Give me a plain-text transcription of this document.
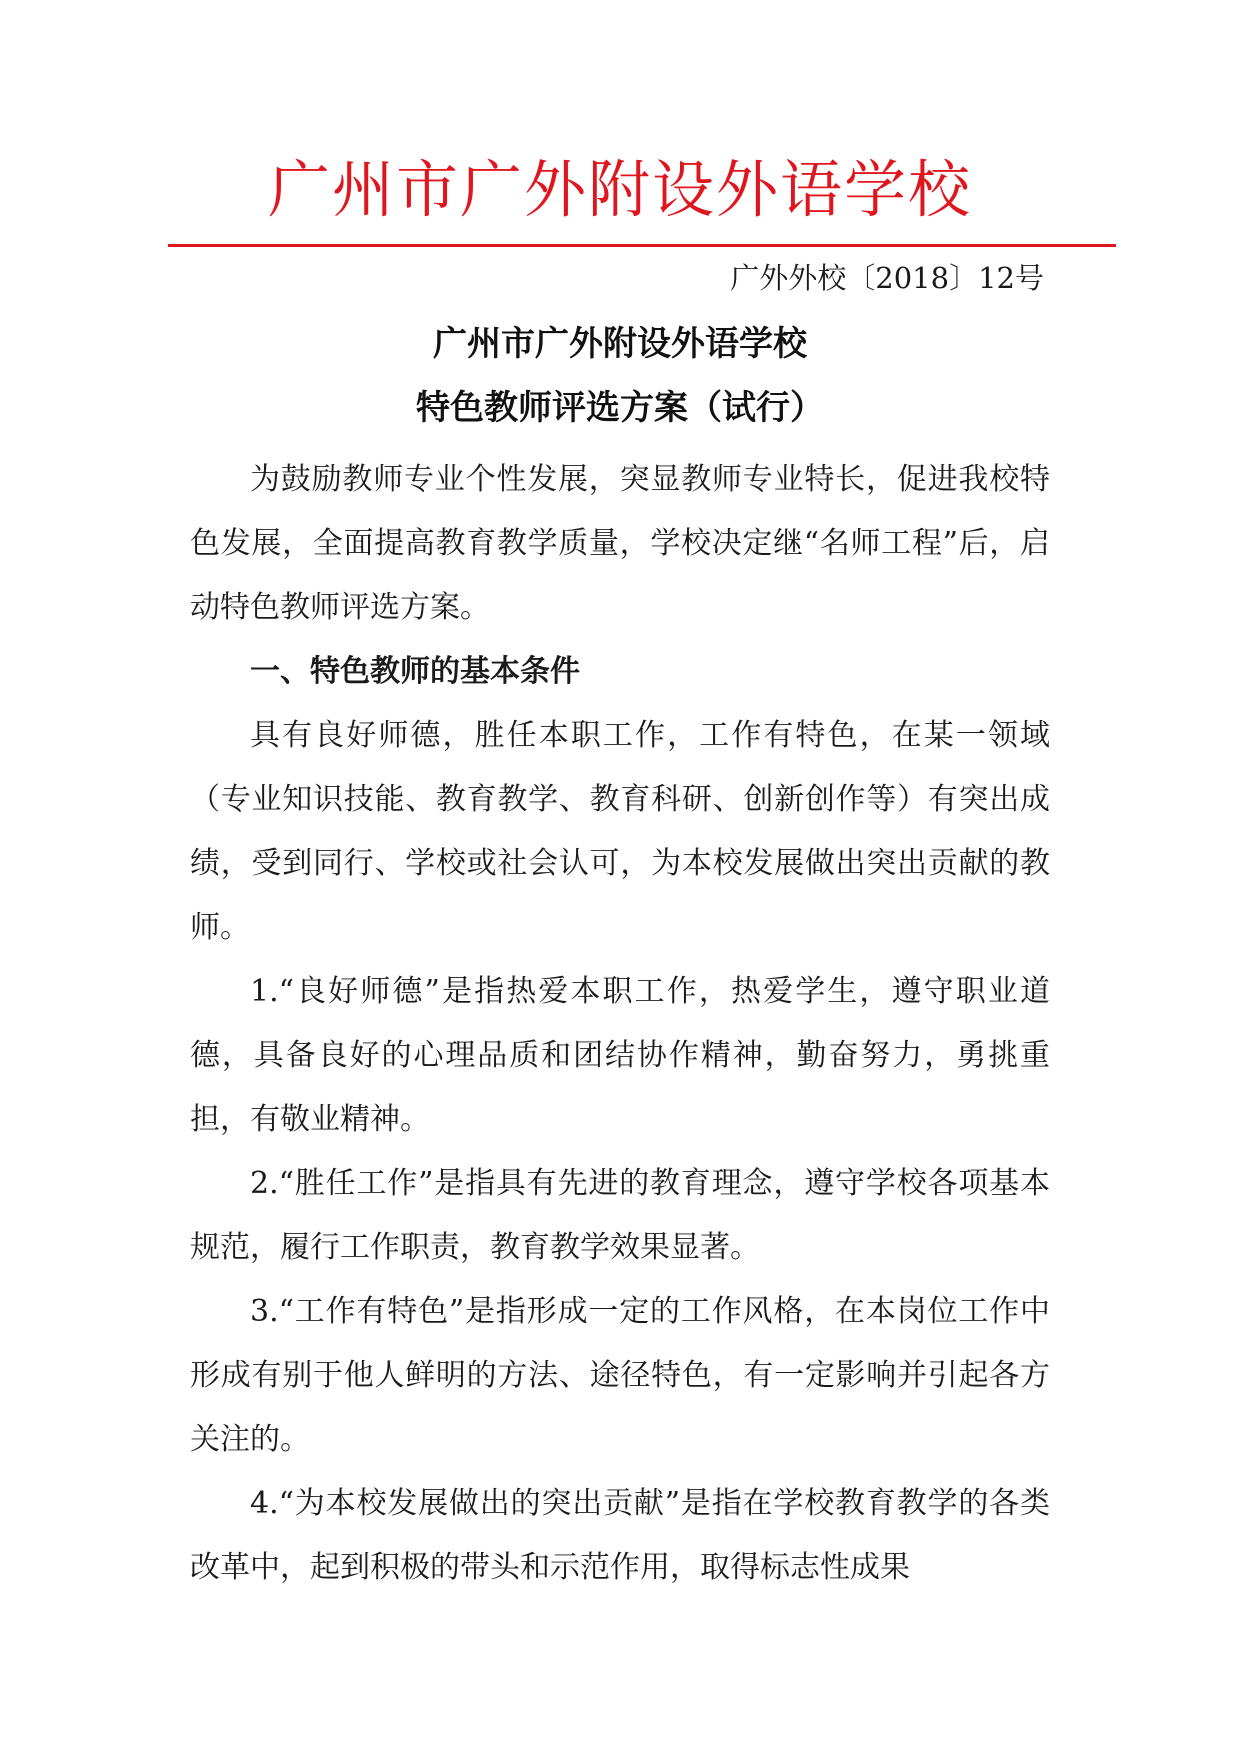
广州市广外附设外语学校
广外外校〔2018〕12号
广州市广外附设外语学校
特色教师评选方案（试行）

为鼓励教师专业个性发展，突显教师专业特长，促进我校特色发展，全面提高教育教学质量，学校决定继“名师工程”后，启动特色教师评选方案。

一、特色教师的基本条件

具有良好师德，胜任本职工作，工作有特色，在某一领域（专业知识技能、教育教学、教育科研、创新创作等）有突出成绩，受到同行、学校或社会认可，为本校发展做出突出贡献的教师。

1.“良好师德”是指热爱本职工作，热爱学生，遵守职业道德，具备良好的心理品质和团结协作精神，勤奋努力，勇挑重担，有敬业精神。

2.“胜任工作”是指具有先进的教育理念，遵守学校各项基本规范，履行工作职责，教育教学效果显著。

3.“工作有特色”是指形成一定的工作风格，在本岗位工作中形成有别于他人鲜明的方法、途径特色，有一定影响并引起各方关注的。

4.“为本校发展做出的突出贡献”是指在学校教育教学的各类改革中，起到积极的带头和示范作用，取得标志性成果
